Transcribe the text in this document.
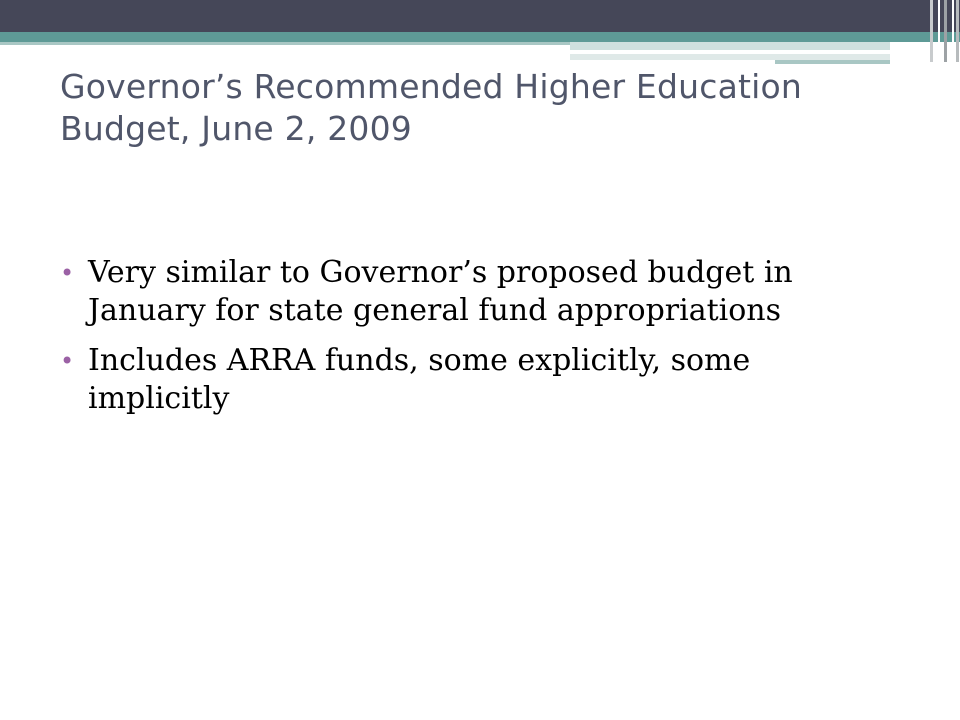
Governor’s Recommended Higher Education Budget, June 2, 2009
• Very similar to Governor’s proposed budget in January for state general fund appropriations
• Includes ARRA funds, some explicitly, some implicitly
